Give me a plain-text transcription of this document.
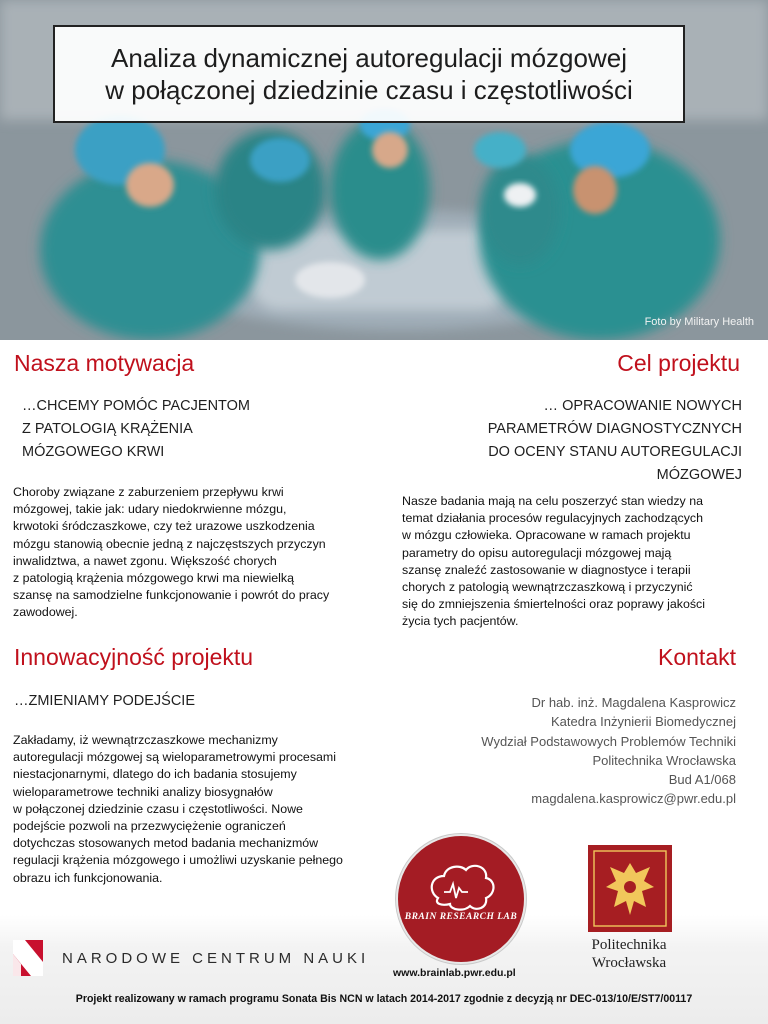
Analiza dynamicznej autoregulacji mózgowej
w połączonej dziedzinie czasu i częstotliwości
Foto by Military Health
Nasza motywacja
…CHCEMY POMÓC PACJENTOM
Z PATOLOGIĄ KRĄŻENIA
MÓZGOWEGO KRWI
Choroby związane z zaburzeniem przepływu krwi
mózgowej, takie jak: udary niedokrwienne mózgu,
krwotoki śródczaszkowe, czy też urazowe uszkodzenia
mózgu stanowią obecnie jedną z najczęstszych przyczyn
inwalidztwa, a nawet zgonu. Większość chorych
z patologią krążenia mózgowego krwi ma niewielką
szansę na samodzielne funkcjonowanie i powrót do pracy
zawodowej.
Cel projektu
… OPRACOWANIE NOWYCH
PARAMETRÓW DIAGNOSTYCZNYCH
DO OCENY STANU AUTOREGULACJI
MÓZGOWEJ
Nasze badania mają na celu poszerzyć stan wiedzy na
temat działania procesów regulacyjnych zachodzących
w mózgu człowieka. Opracowane w ramach projektu
parametry do opisu autoregulacji mózgowej mają
szansę znaleźć zastosowanie w diagnostyce i terapii
chorych z patologią wewnątrzczaszkową i przyczynić
się do zmniejszenia śmiertelności oraz poprawy jakości
życia tych pacjentów.
Innowacyjność projektu
…ZMIENIAMY PODEJŚCIE
Zakładamy, iż wewnątrzczaszkowe mechanizmy
autoregulacji mózgowej są wieloparametrowymi procesami
niestacjonarnymi, dlatego do ich badania stosujemy
wieloparametrowe techniki analizy biosygnałów
w połączonej dziedzinie czasu i częstotliwości. Nowe
podejście pozwoli na przezwyciężenie ograniczeń
dotychczas stosowanych metod badania mechanizmów
regulacji krążenia mózgowego i umożliwi uzyskanie pełnego
obrazu ich funkcjonowania.
Kontakt
Dr hab. inż. Magdalena Kasprowicz
Katedra Inżynierii Biomedycznej
Wydział Podstawowych Problemów Techniki
Politechnika Wrocławska
Bud A1/068
magdalena.kasprowicz@pwr.edu.pl
NARODOWE CENTRUM NAUKI
BRAIN RESEARCH LAB
www.brainlab.pwr.edu.pl
Politechnika
Wrocławska
Projekt realizowany w ramach programu Sonata Bis NCN w latach 2014-2017 zgodnie z decyzją nr DEC-013/10/E/ST7/00117
